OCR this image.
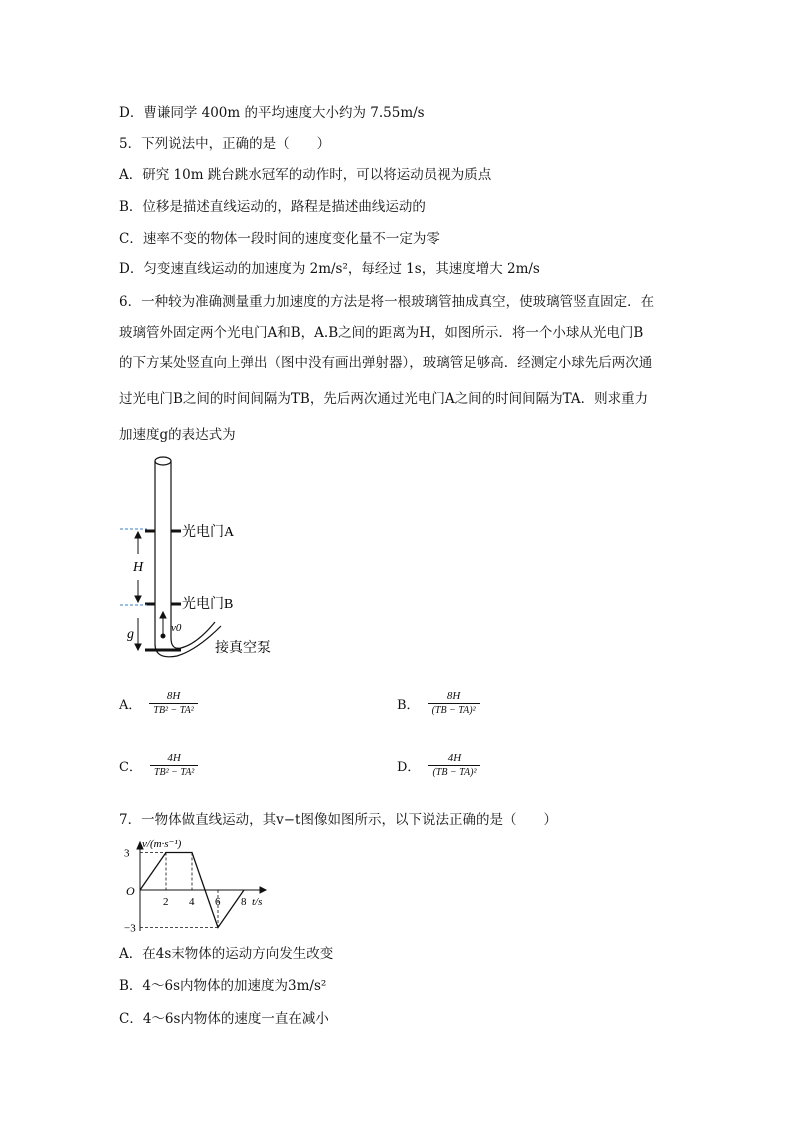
D．曹谦同学 400m 的平均速度大小约为 7.55m/s
5．下列说法中，正确的是（　　）
A．研究 10m 跳台跳水冠军的动作时，可以将运动员视为质点
B．位移是描述直线运动的，路程是描述曲线运动的
C．速率不变的物体一段时间的速度变化量不一定为零
D．匀变速直线运动的加速度为 2m/s²，每经过 1s，其速度增大 2m/s
6．一种较为准确测量重力加速度的方法是将一根玻璃管抽成真空，使玻璃管竖直固定．在
玻璃管外固定两个光电门A和B，A.B之间的距离为H，如图所示．将一个小球从光电门B
的下方某处竖直向上弹出（图中没有画出弹射器），玻璃管足够高．经测定小球先后两次通
过光电门B之间的时间间隔为TB，先后两次通过光电门A之间的时间间隔为TA．则求重力
加速度g的表达式为
光电门A
光电门B
H
g	v0
接真空泵
A． $\frac{8H}{\text{TB² − TA²}}$	B． $\frac{8H}{\text{(TB − TA)²}}$
C． $\frac{4H}{\text{TB² − TA²}}$	D． $\frac{4H}{\text{(TB − TA)²}}$
7．一物体做直线运动，其v−t图像如图所示，以下说法正确的是（　　）
v/(m·s⁻¹)
t/s
O
3
−3
2 4 6 8
A．在4s末物体的运动方向发生改变
B．4～6s内物体的加速度为3m/s²
C．4～6s内物体的速度一直在减小
